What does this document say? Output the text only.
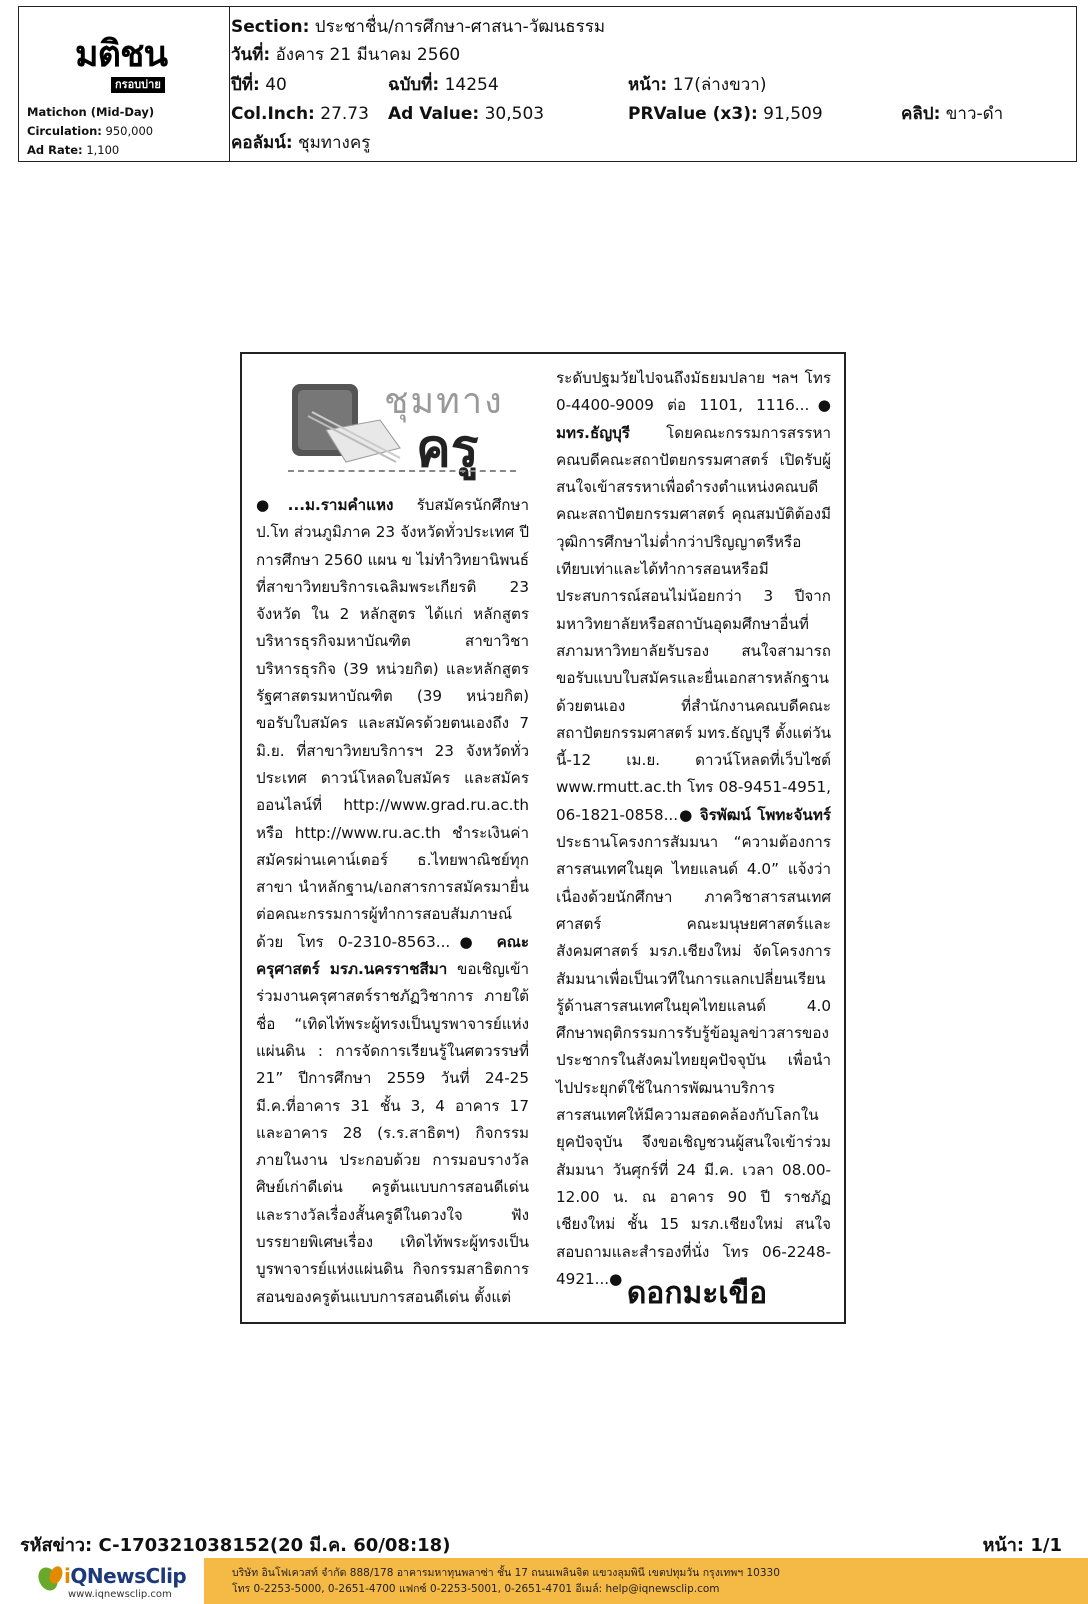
มติชน
กรอบบ่าย
Matichon (Mid-Day)
Circulation: 950,000
Ad Rate: 1,100
Section: ประชาชื่น/การศึกษา-ศาสนา-วัฒนธรรม
วันที่: อังคาร 21 มีนาคม 2560
ปีที่: 40	ฉบับที่: 14254	หน้า: 17(ล่างขวา)
Col.Inch: 27.73 Ad Value: 30,503	PRValue (x3): 91,509	คลิป: ขาว-ดำ
คอลัมน์: ชุมทางครู
ชุมทาง
ครู
●...ม.รามคำแหง รับสมัครนักศึกษา ป.โท ส่วนภูมิภาค 23 จังหวัดทั่วประเทศ ปีการศึกษา 2560 แผน ข ไม่ทำวิทยานิพนธ์ ที่สาขาวิทยบริการเฉลิมพระเกียรติ 23 จังหวัด ใน 2 หลักสูตร ได้แก่ หลักสูตรบริหารธุรกิจมหาบัณฑิต สาขาวิชาบริหารธุรกิจ (39 หน่วยกิต) และหลักสูตรรัฐศาสตรมหาบัณฑิต (39 หน่วยกิต) ขอรับใบสมัคร และสมัครด้วยตนเองถึง 7 มิ.ย. ที่สาขาวิทยบริการฯ 23 จังหวัดทั่วประเทศ ดาวน์โหลดใบสมัคร และสมัครออนไลน์ที่ http://www.grad.ru.ac.th หรือ http://www.ru.ac.th ชำระเงินค่าสมัครผ่านเคาน์เตอร์ ธ.ไทยพาณิชย์ทุกสาขา นำหลักฐาน/เอกสารการสมัครมายื่นต่อคณะกรรมการผู้ทำการสอบสัมภาษณ์ด้วย โทร 0-2310-8563...● คณะครุศาสตร์ มรภ.นครราชสีมา ขอเชิญเข้าร่วมงานครุศาสตร์ราชภัฏวิชาการ ภายใต้ชื่อ “เทิดไท้พระผู้ทรงเป็นบูรพาจารย์แห่งแผ่นดิน : การจัดการเรียนรู้ในศตวรรษที่ 21” ปีการศึกษา 2559 วันที่ 24-25 มี.ค.ที่อาคาร 31 ชั้น 3, 4 อาคาร 17 และอาคาร 28 (ร.ร.สาธิตฯ) กิจกรรมภายในงาน ประกอบด้วย การมอบรางวัลศิษย์เก่าดีเด่น ครูต้นแบบการสอนดีเด่น และรางวัลเรื่องสั้นครูดีในดวงใจ ฟังบรรยายพิเศษเรื่อง เทิดไท้พระผู้ทรงเป็นบูรพาจารย์แห่งแผ่นดิน กิจกรรมสาธิตการสอนของครูต้นแบบการสอนดีเด่น ตั้งแต่
ระดับปฐมวัยไปจนถึงมัธยมปลาย ฯลฯ โทร 0-4400-9009 ต่อ 1101, 1116...● มทร.ธัญบุรี โดยคณะกรรมการสรรหาคณบดีคณะสถาปัตยกรรมศาสตร์ เปิดรับผู้สนใจเข้าสรรหาเพื่อดำรงตำแหน่งคณบดีคณะสถาปัตยกรรมศาสตร์ คุณสมบัติต้องมีวุฒิการศึกษาไม่ต่ำกว่าปริญญาตรีหรือเทียบเท่าและได้ทำการสอนหรือมีประสบการณ์สอนไม่น้อยกว่า 3 ปีจากมหาวิทยาลัยหรือสถาบันอุดมศึกษาอื่นที่สภามหาวิทยาลัยรับรอง สนใจสามารถขอรับแบบใบสมัครและยื่นเอกสารหลักฐานด้วยตนเอง ที่สำนักงานคณบดีคณะสถาปัตยกรรมศาสตร์ มทร.ธัญบุรี ตั้งแต่วันนี้-12 เม.ย. ดาวน์โหลดที่เว็บไซต์ www.rmutt.ac.th โทร 08-9451-4951, 06-1821-0858...● จิรพัฒน์ โพทะจันทร์ ประธานโครงการสัมมนา “ความต้องการสารสนเทศในยุค ไทยแลนด์ 4.0” แจ้งว่า เนื่องด้วยนักศึกษา ภาควิชาสารสนเทศศาสตร์ คณะมนุษยศาสตร์และสังคมศาสตร์ มรภ.เชียงใหม่ จัดโครงการสัมมนาเพื่อเป็นเวทีในการแลกเปลี่ยนเรียนรู้ด้านสารสนเทศในยุคไทยแลนด์ 4.0 ศึกษาพฤติกรรมการรับรู้ข้อมูลข่าวสารของประชากรในสังคมไทยยุคปัจจุบัน เพื่อนำไปประยุกต์ใช้ในการพัฒนาบริการสารสนเทศให้มีความสอดคล้องกับโลกในยุคปัจจุบัน จึงขอเชิญชวนผู้สนใจเข้าร่วมสัมมนา วันศุกร์ที่ 24 มี.ค. เวลา 08.00-12.00 น. ณ อาคาร 90 ปี ราชภัฏเชียงใหม่ ชั้น 15 มรภ.เชียงใหม่ สนใจสอบถามและสำรองที่นั่ง โทร 06-2248-4921...● ดอกมะเขือ
รหัสข่าว: C-170321038152(20 มี.ค. 60/08:18)	หน้า: 1/1
iQNewsClip
www.iqnewsclip.com
บริษัท อินโฟเควสท์ จำกัด 888/178 อาคารมหาทุนพลาซ่า ชั้น 17 ถนนเพลินจิต แขวงลุมพินี เขตปทุมวัน กรุงเทพฯ 10330
โทร 0-2253-5000, 0-2651-4700 แฟกซ์ 0-2253-5001, 0-2651-4701 อีเมล์: help@iqnewsclip.com
